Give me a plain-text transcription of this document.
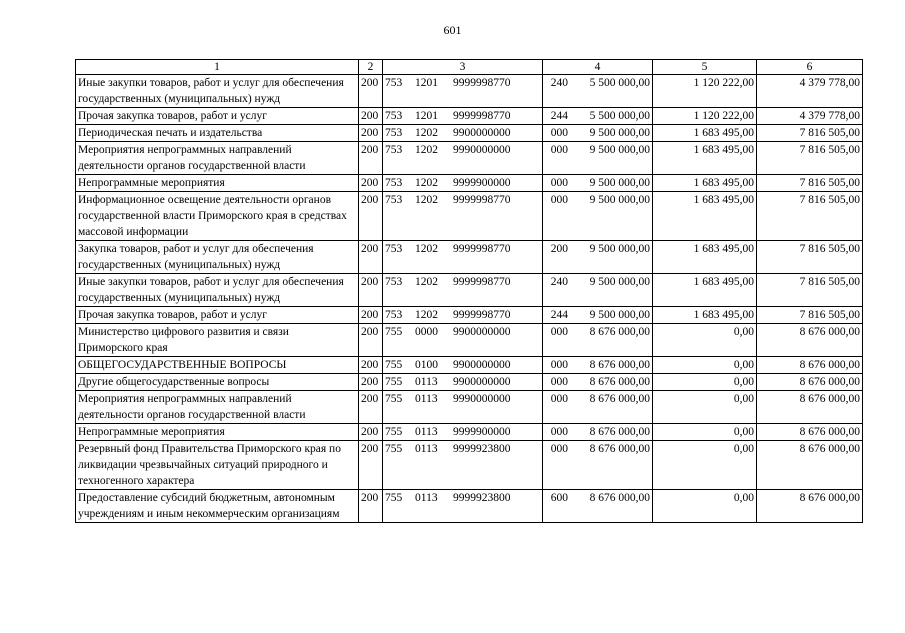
601
1	2	3	4	5	6
Иные закупки товаров, работ и услуг для обеспечения государственных (муниципальных) нужд	200	753 1201 9999998770 240	5 500 000,00	1 120 222,00	4 379 778,00
Прочая закупка товаров, работ и услуг	200	753 1201 9999998770 244	5 500 000,00	1 120 222,00	4 379 778,00
Периодическая печать и издательства	200	753 1202 9900000000 000	9 500 000,00	1 683 495,00	7 816 505,00
Мероприятия непрограммных направлений деятельности органов государственной власти	200	753 1202 9990000000 000	9 500 000,00	1 683 495,00	7 816 505,00
Непрограммные мероприятия	200	753 1202 9999900000 000	9 500 000,00	1 683 495,00	7 816 505,00
Информационное освещение деятельности органов государственной власти Приморского края в средствах массовой информации	200	753 1202 9999998770 000	9 500 000,00	1 683 495,00	7 816 505,00
Закупка товаров, работ и услуг для обеспечения государственных (муниципальных) нужд	200	753 1202 9999998770 200	9 500 000,00	1 683 495,00	7 816 505,00
Иные закупки товаров, работ и услуг для обеспечения государственных (муниципальных) нужд	200	753 1202 9999998770 240	9 500 000,00	1 683 495,00	7 816 505,00
Прочая закупка товаров, работ и услуг	200	753 1202 9999998770 244	9 500 000,00	1 683 495,00	7 816 505,00
Министерство цифрового развития и связи Приморского края	200	755 0000 9900000000 000	8 676 000,00	0,00	8 676 000,00
ОБЩЕГОСУДАРСТВЕННЫЕ ВОПРОСЫ	200	755 0100 9900000000 000	8 676 000,00	0,00	8 676 000,00
Другие общегосударственные вопросы	200	755 0113 9900000000 000	8 676 000,00	0,00	8 676 000,00
Мероприятия непрограммных направлений деятельности органов государственной власти	200	755 0113 9990000000 000	8 676 000,00	0,00	8 676 000,00
Непрограммные мероприятия	200	755 0113 9999900000 000	8 676 000,00	0,00	8 676 000,00
Резервный фонд Правительства Приморского края по ликвидации чрезвычайных ситуаций природного и техногенного характера	200	755 0113 9999923800 000	8 676 000,00	0,00	8 676 000,00
Предоставление субсидий бюджетным, автономным учреждениям и иным некоммерческим организациям	200	755 0113 9999923800 600	8 676 000,00	0,00	8 676 000,00
